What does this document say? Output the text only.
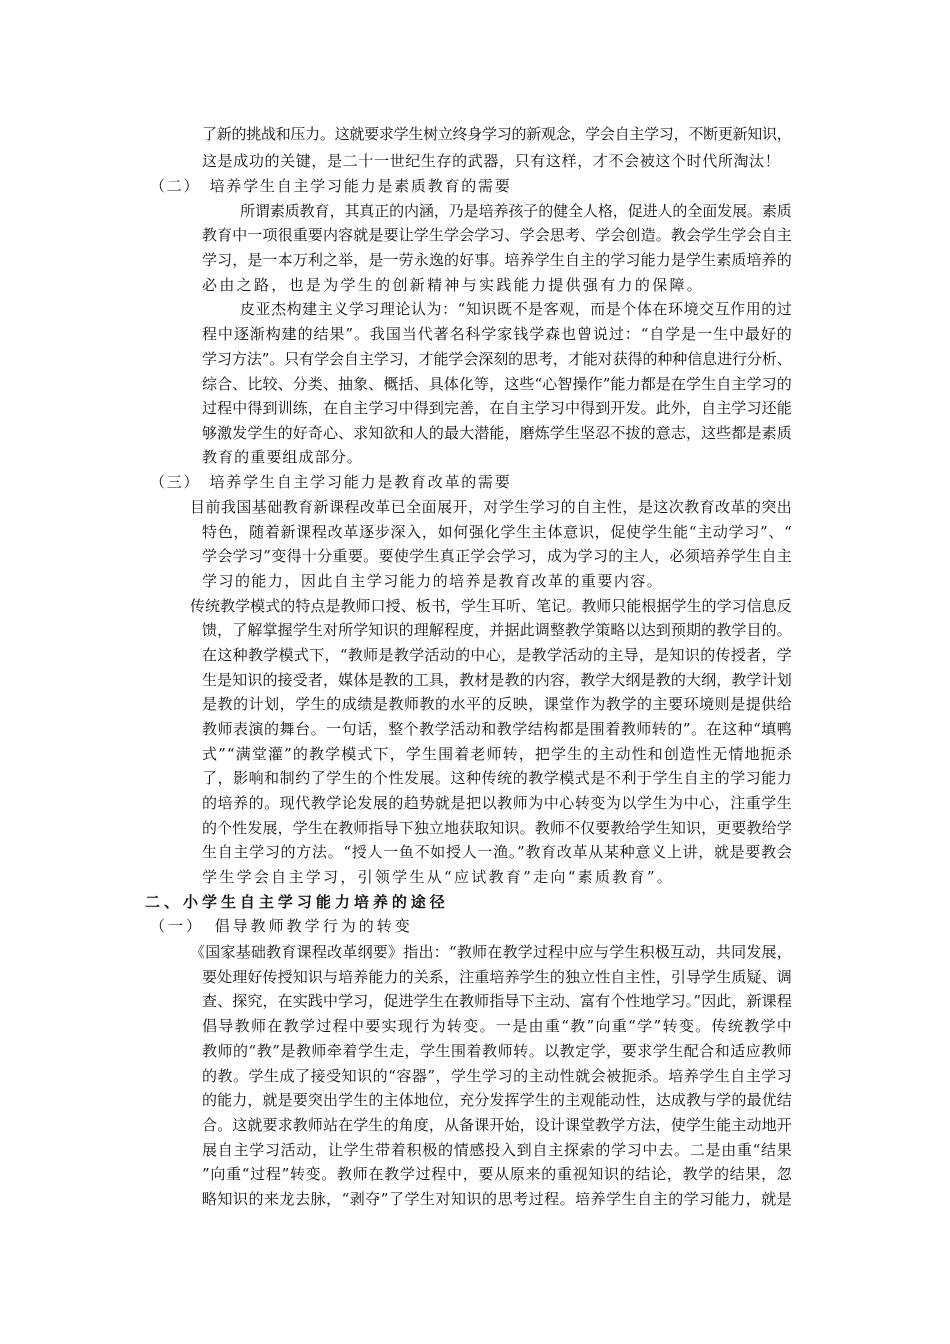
了新的挑战和压力。这就要求学生树立终身学习的新观念，学会自主学习，不断更新知识，
这是成功的关键，是二十一世纪生存的武器，只有这样，才不会被这个时代所淘汰！
（二）　培养学生自主学习能力是素质教育的需要
所谓素质教育，其真正的内涵，乃是培养孩子的健全人格，促进人的全面发展。素质
教育中一项很重要内容就是要让学生学会学习、学会思考、学会创造。教会学生学会自主
学习，是一本万利之举，是一劳永逸的好事。培养学生自主的学习能力是学生素质培养的
必由之路，也是为学生的创新精神与实践能力提供强有力的保障。
皮亚杰构建主义学习理论认为：“知识既不是客观，而是个体在环境交互作用的过
程中逐渐构建的结果”。我国当代著名科学家钱学森也曾说过：“自学是一生中最好的
学习方法”。只有学会自主学习，才能学会深刻的思考，才能对获得的种种信息进行分析、
综合、比较、分类、抽象、概括、具体化等，这些“心智操作”能力都是在学生自主学习的
过程中得到训练，在自主学习中得到完善，在自主学习中得到开发。此外，自主学习还能
够激发学生的好奇心、求知欲和人的最大潜能，磨炼学生坚忍不拔的意志，这些都是素质
教育的重要组成部分。
（三）　培养学生自主学习能力是教育改革的需要
目前我国基础教育新课程改革已全面展开，对学生学习的自主性，是这次教育改革的突出
特色，随着新课程改革逐步深入，如何强化学生主体意识，促使学生能“主动学习”、“
学会学习”变得十分重要。要使学生真正学会学习，成为学习的主人，必须培养学生自主
学习的能力，因此自主学习能力的培养是教育改革的重要内容。
传统教学模式的特点是教师口授、板书，学生耳听、笔记。教师只能根据学生的学习信息反
馈，了解掌握学生对所学知识的理解程度，并据此调整教学策略以达到预期的教学目的。
在这种教学模式下，“教师是教学活动的中心，是教学活动的主导，是知识的传授者，学
生是知识的接受者，媒体是教的工具，教材是教的内容，教学大纲是教的大纲，教学计划
是教的计划，学生的成绩是教师教的水平的反映，课堂作为教学的主要环境则是提供给
教师表演的舞台。一句话，整个教学活动和教学结构都是围着教师转的”。在这种“填鸭
式”“满堂灌”的教学模式下，学生围着老师转，把学生的主动性和创造性无情地扼杀
了，影响和制约了学生的个性发展。这种传统的教学模式是不利于学生自主的学习能力
的培养的。现代教学论发展的趋势就是把以教师为中心转变为以学生为中心，注重学生
的个性发展，学生在教师指导下独立地获取知识。教师不仅要教给学生知识，更要教给学
生自主学习的方法。“授人一鱼不如授人一渔。”教育改革从某种意义上讲，就是要教会
学生学会自主学习，引领学生从“应试教育”走向“素质教育”。
二、小学生自主学习能力培养的途径
（一）　倡导教师教学行为的转变
《国家基础教育课程改革纲要》指出：“教师在教学过程中应与学生积极互动，共同发展，
要处理好传授知识与培养能力的关系，注重培养学生的独立性自主性，引导学生质疑、调
查、探究，在实践中学习，促进学生在教师指导下主动、富有个性地学习。”因此，新课程
倡导教师在教学过程中要实现行为转变。一是由重“教”向重“学”转变。传统教学中
教师的“教”是教师牵着学生走，学生围着教师转。以教定学，要求学生配合和适应教师
的教。学生成了接受知识的“容器”，学生学习的主动性就会被扼杀。培养学生自主学习
的能力，就是要突出学生的主体地位，充分发挥学生的主观能动性，达成教与学的最优结
合。这就要求教师站在学生的角度，从备课开始，设计课堂教学方法，使学生能主动地开
展自主学习活动，让学生带着积极的情感投入到自主探索的学习中去。二是由重“结果
”向重“过程”转变。教师在教学过程中，要从原来的重视知识的结论，教学的结果，忽
略知识的来龙去脉，“剥夺”了学生对知识的思考过程。培养学生自主的学习能力，就是
